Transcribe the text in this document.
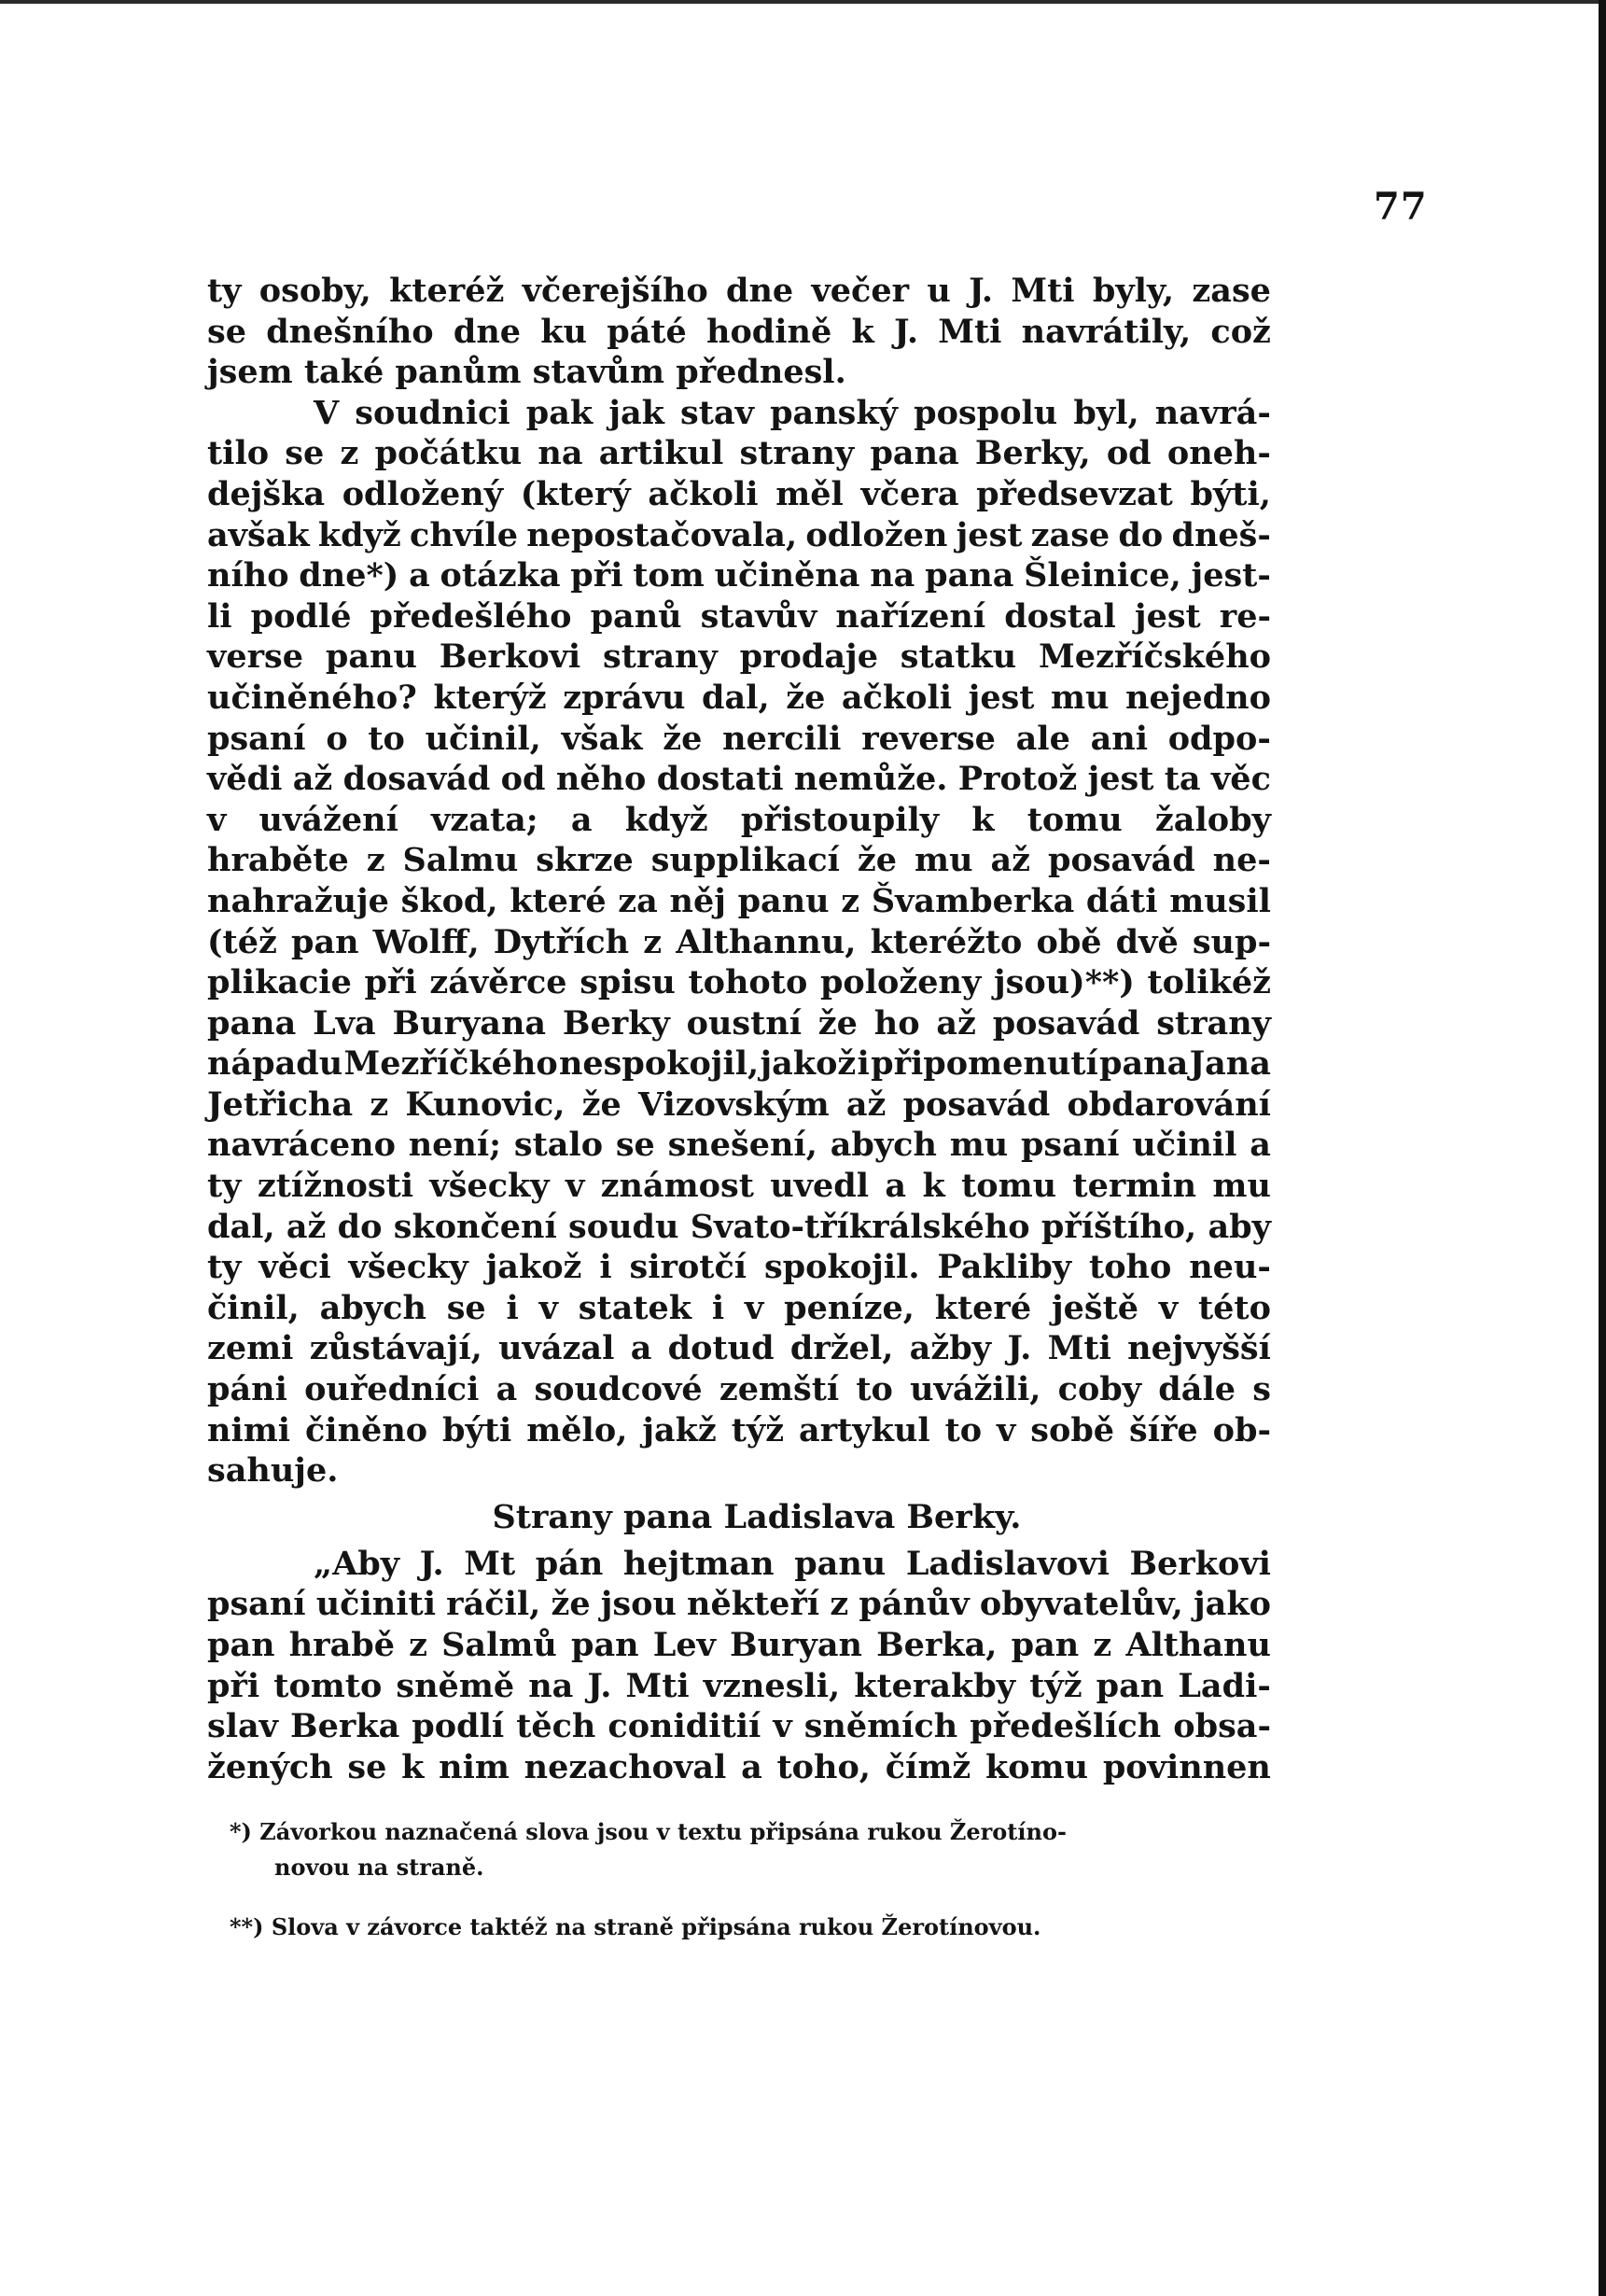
77
ty osoby, kteréž včerejšího dne večer u J. Mti byly, zase
se dnešního dne ku páté hodině k J. Mti navrátily, což
jsem také panům stavům přednesl.
V soudnici pak jak stav panský pospolu byl, navrá-
tilo se z počátku na artikul strany pana Berky, od oneh-
dejška odložený (který ačkoli měl včera předsevzat býti,
avšak když chvíle nepostačovala, odložen jest zase do dneš-
ního dne*) a otázka při tom učiněna na pana Šleinice, jest-
li podlé předešlého panů stavův nařízení dostal jest re-
verse panu Berkovi strany prodaje statku Mezříčského
učiněného? kterýž zprávu dal, že ačkoli jest mu nejedno
psaní o to učinil, však že nercili reverse ale ani odpo-
vědi až dosavád od něho dostati nemůže. Protož jest ta věc
v uvážení vzata; a když přistoupily k tomu žaloby
hraběte z Salmu skrze supplikací že mu až posavád ne-
nahražuje škod, které za něj panu z Švamberka dáti musil
(též pan Wolff, Dytřích z Althannu, kteréžto obě dvě sup-
plikacie při závěrce spisu tohoto položeny jsou)**) tolikéž
pana Lva Buryana Berky oustní že ho až posavád strany
nápadu Mezříčkého nespokojil, jakož i připomenutí pana Jana
Jetřicha z Kunovic, že Vizovským až posavád obdarování
navráceno není; stalo se snešení, abych mu psaní učinil a
ty ztížnosti všecky v známost uvedl a k tomu termin mu
dal, až do skončení soudu Svato-tříkrálského příštího, aby
ty věci všecky jakož i sirotčí spokojil. Pakliby toho neu-
činil, abych se i v statek i v peníze, které ještě v této
zemi zůstávají, uvázal a dotud držel, ažby J. Mti nejvyšší
páni ouředníci a soudcové zemští to uvážili, coby dále s
nimi činěno býti mělo, jakž týž artykul to v sobě šíře ob-
sahuje.
Strany pana Ladislava Berky.
„Aby J. Mt pán hejtman panu Ladislavovi Berkovi
psaní učiniti ráčil, že jsou někteří z pánův obyvatelův, jako
pan hrabě z Salmů pan Lev Buryan Berka, pan z Althanu
při tomto sněmě na J. Mti vznesli, kterakby týž pan Ladi-
slav Berka podlí těch coniditií v sněmích předešlích obsa-
žených se k nim nezachoval a toho, čímž komu povinnen
*) Závorkou naznačená slova jsou v textu připsána rukou Žerotíno-
novou na straně.
**) Slova v závorce taktéž na straně připsána rukou Žerotínovou.
